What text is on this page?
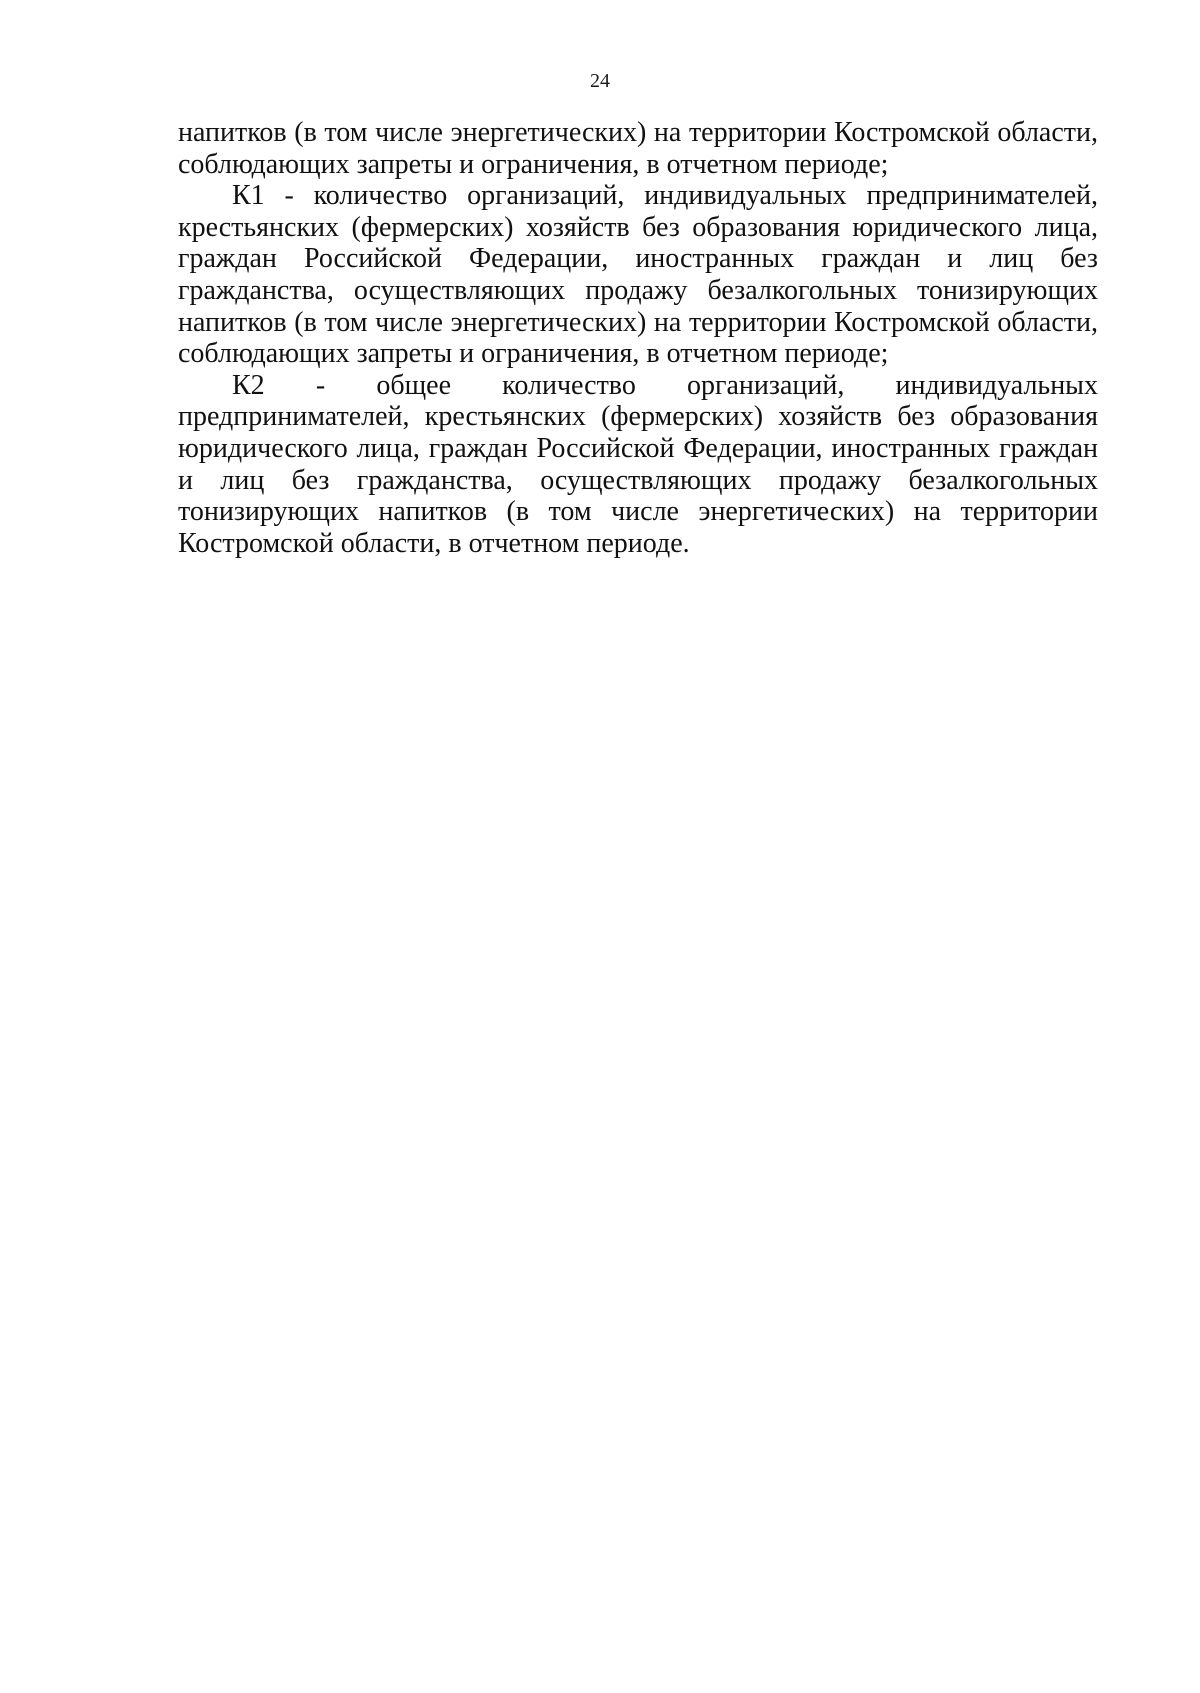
24

напитков (в том числе энергетических) на территории Костромской области, соблюдающих запреты и ограничения, в отчетном периоде;

К1 - количество организаций, индивидуальных предпринимателей, крестьянских (фермерских) хозяйств без образования юридического лица, граждан Российской Федерации, иностранных граждан и лиц без гражданства, осуществляющих продажу безалкогольных тонизирующих напитков (в том числе энергетических) на территории Костромской области, соблюдающих запреты и ограничения, в отчетном периоде;

К2 - общее количество организаций, индивидуальных предпринимателей, крестьянских (фермерских) хозяйств без образования юридического лица, граждан Российской Федерации, иностранных граждан и лиц без гражданства, осуществляющих продажу безалкогольных тонизирующих напитков (в том числе энергетических) на территории Костромской области, в отчетном периоде.
